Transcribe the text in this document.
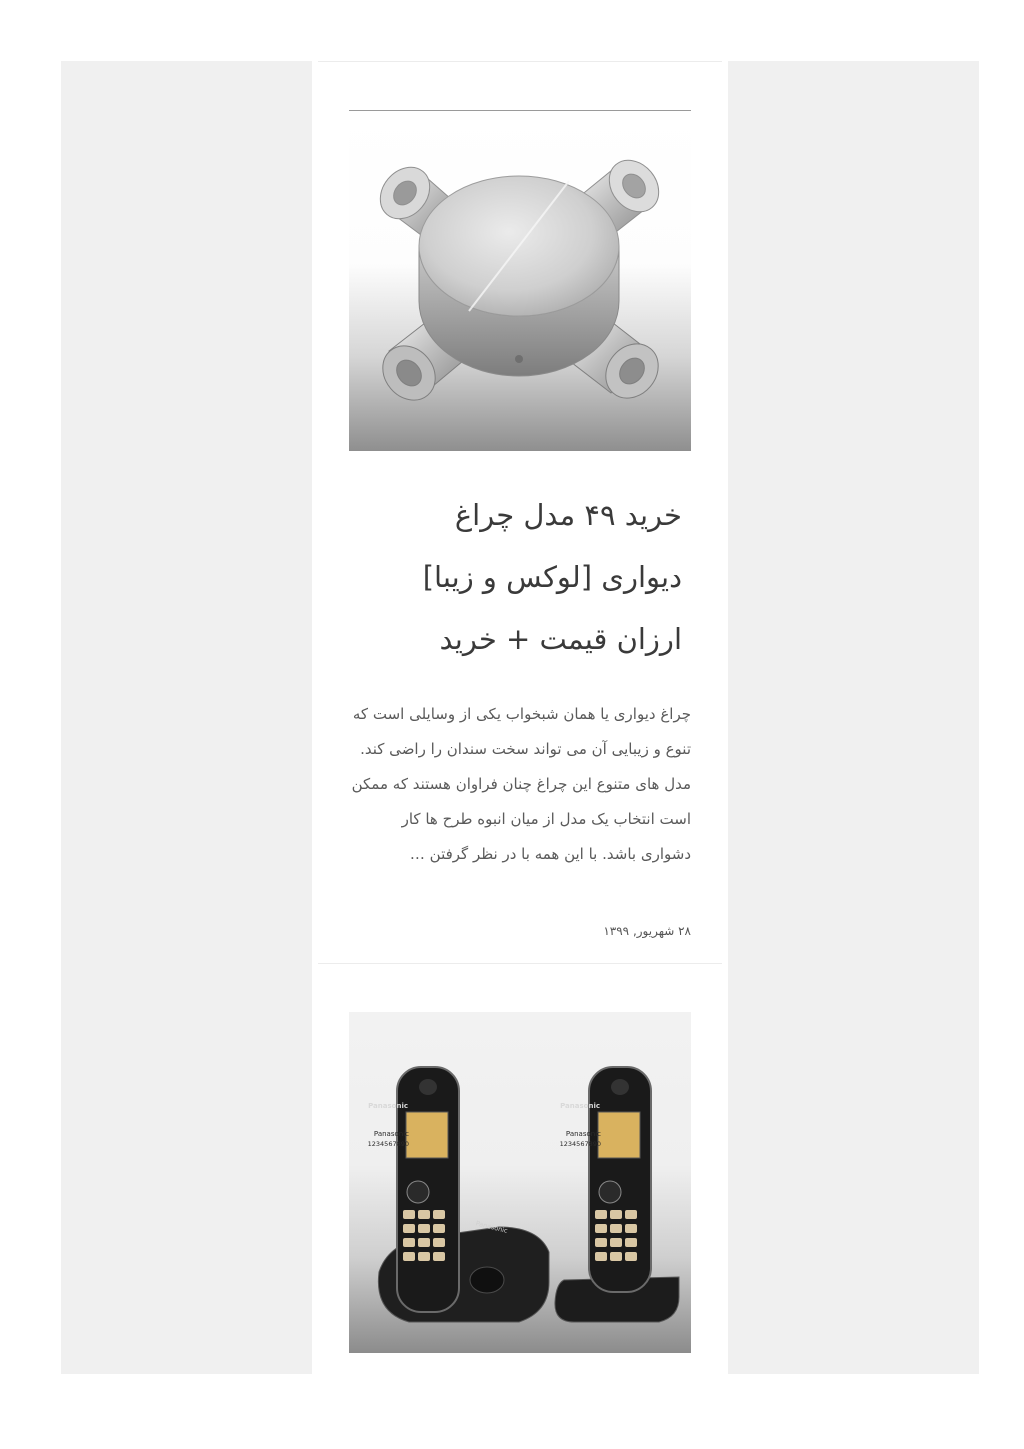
خرید ۴۹ مدل چراغ دیواری [لوکس و زیبا] ارزان قیمت + خرید

چراغ دیواری یا همان شبخواب یکی از وسایلی است که تنوع و زیبایی آن می تواند سخت سندان را راضی کند. مدل های متنوع این چراغ چنان فراوان هستند که ممکن است انتخاب یک مدل از میان انبوه طرح ها کار دشواری باشد. با این همه با در نظر گرفتن …

۲۸ شهریور, ۱۳۹۹

Panasonic
Panasonic
Panasonic
1234567890
Panasonic
Panasonic
1234567890
